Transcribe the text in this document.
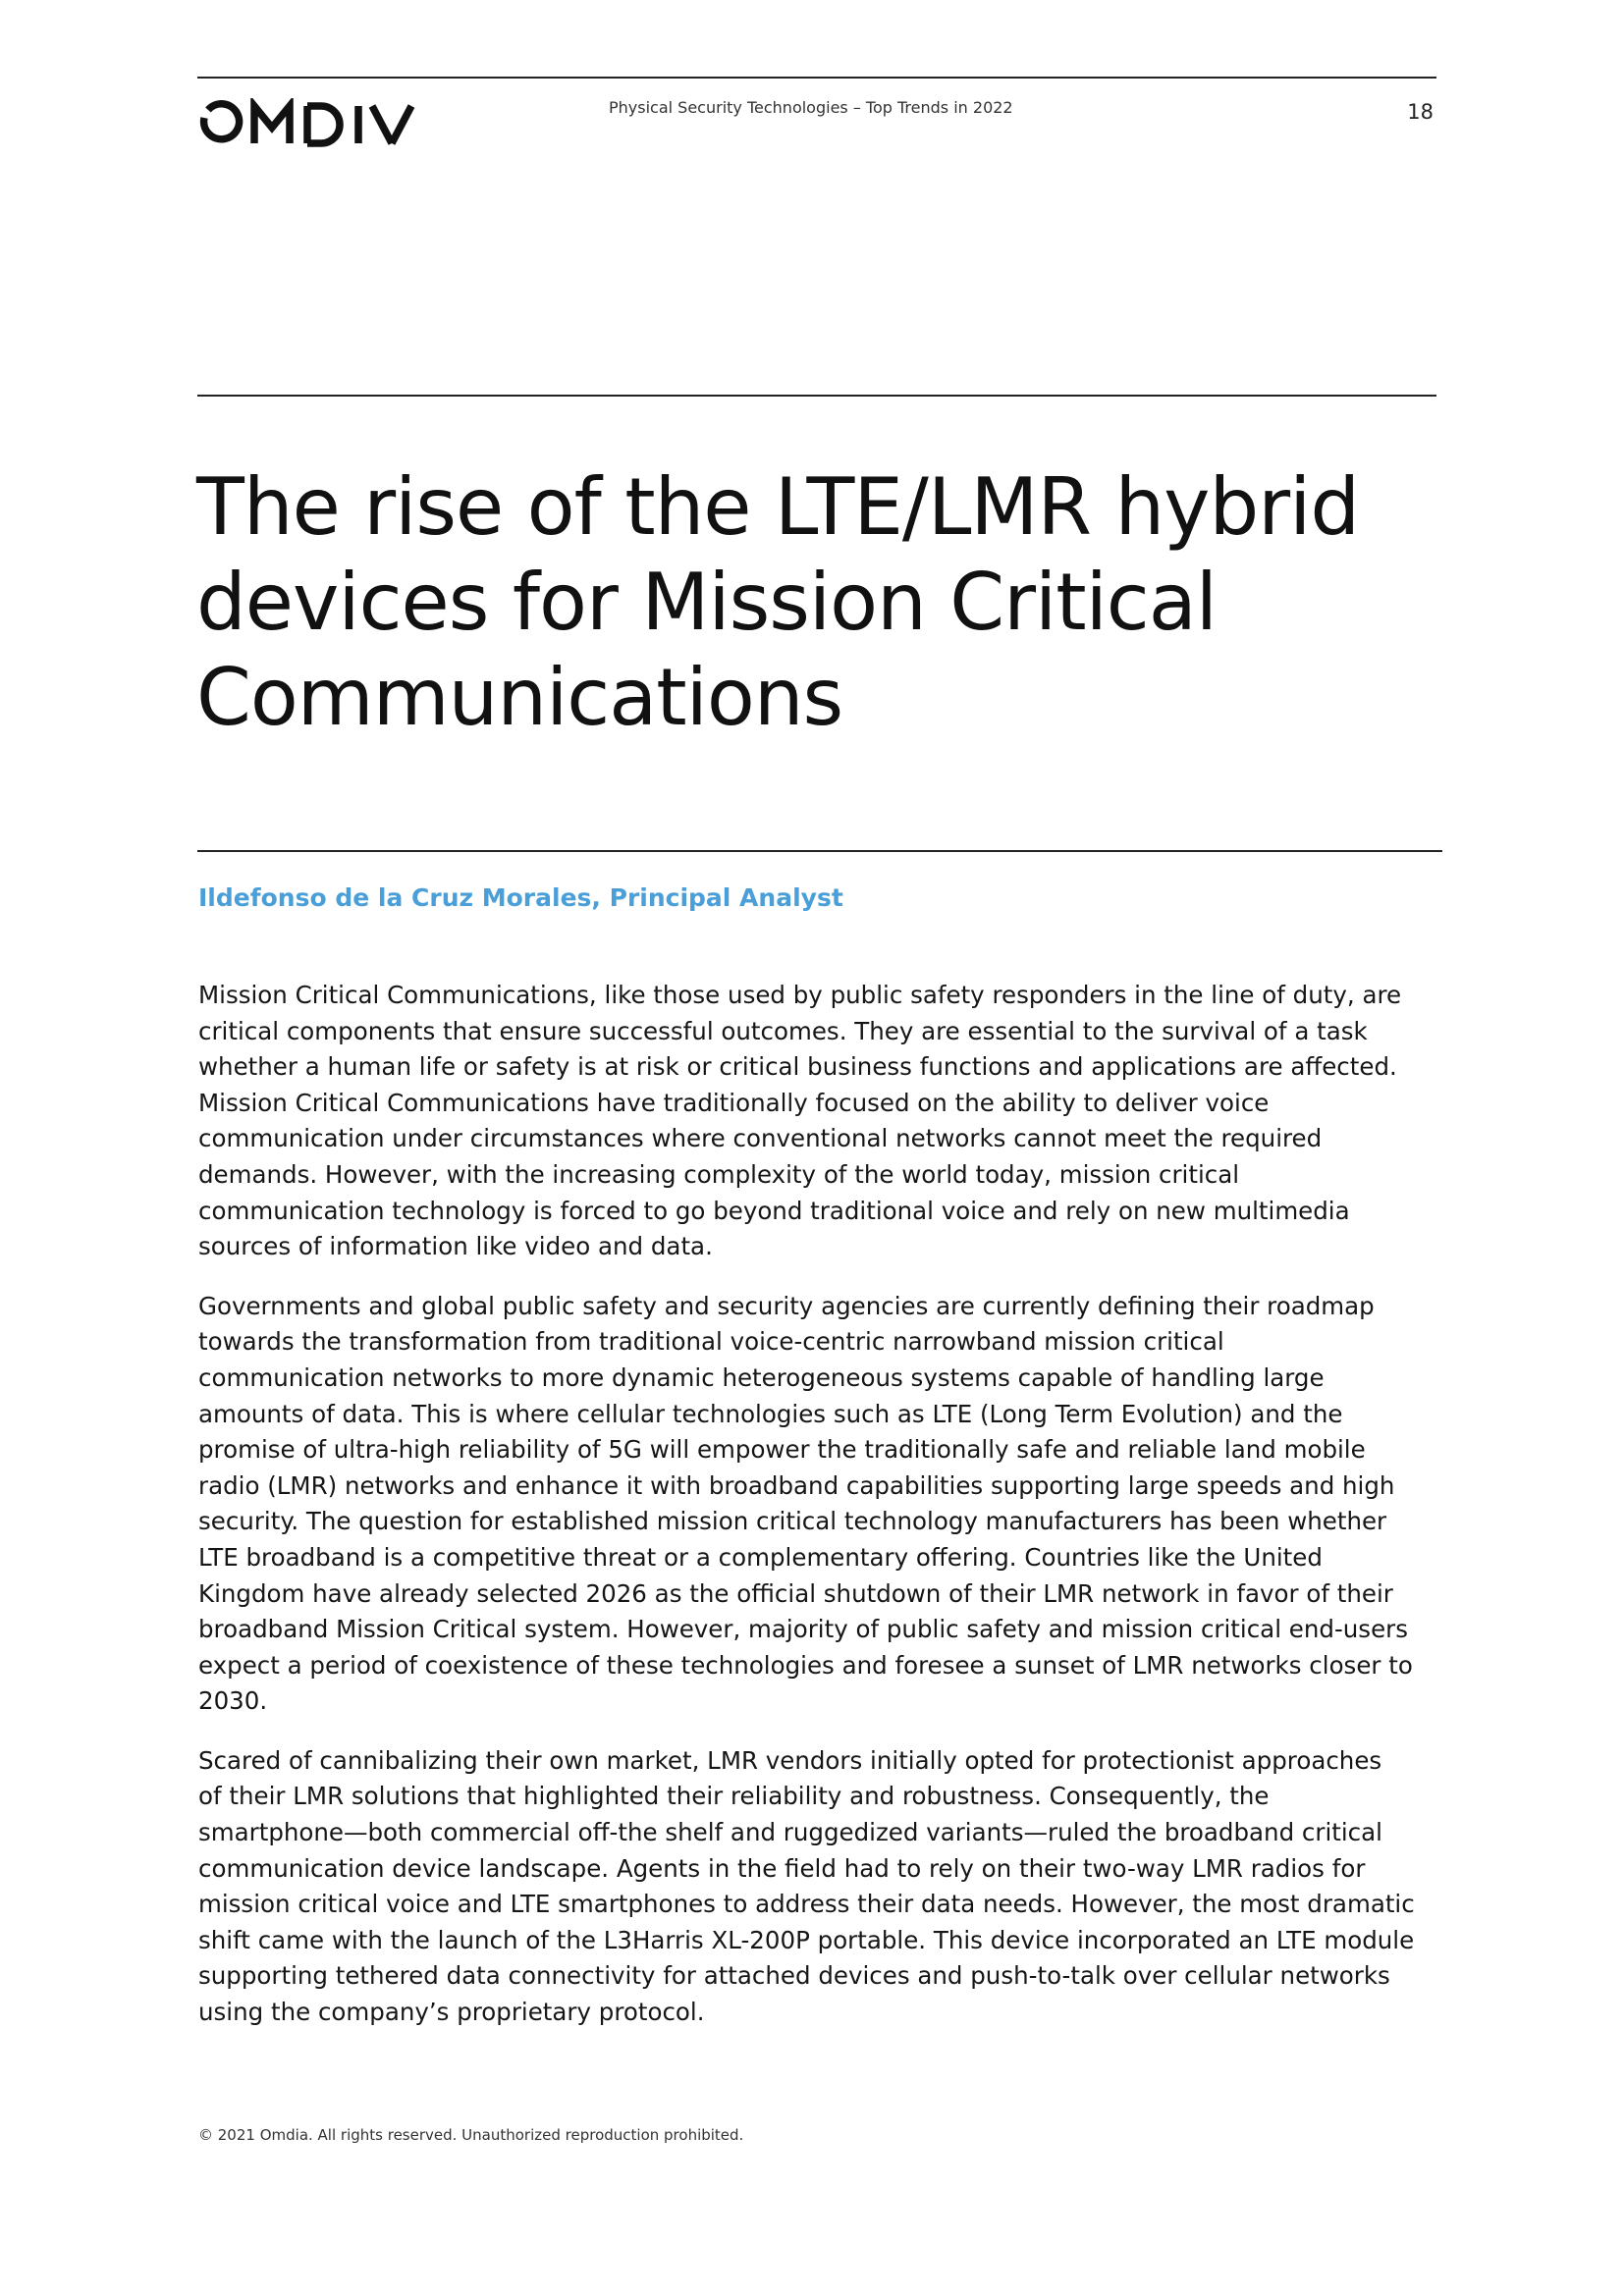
Physical Security Technologies – Top Trends in 2022	18
The rise of the LTE/LMR hybrid
devices for Mission Critical
Communications
Ildefonso de la Cruz Morales, Principal Analyst

Mission Critical Communications, like those used by public safety responders in the line of duty, are
critical components that ensure successful outcomes. They are essential to the survival of a task
whether a human life or safety is at risk or critical business functions and applications are affected.
Mission Critical Communications have traditionally focused on the ability to deliver voice
communication under circumstances where conventional networks cannot meet the required
demands. However, with the increasing complexity of the world today, mission critical
communication technology is forced to go beyond traditional voice and rely on new multimedia
sources of information like video and data.

Governments and global public safety and security agencies are currently defining their roadmap
towards the transformation from traditional voice-centric narrowband mission critical
communication networks to more dynamic heterogeneous systems capable of handling large
amounts of data. This is where cellular technologies such as LTE (Long Term Evolution) and the
promise of ultra-high reliability of 5G will empower the traditionally safe and reliable land mobile
radio (LMR) networks and enhance it with broadband capabilities supporting large speeds and high
security. The question for established mission critical technology manufacturers has been whether
LTE broadband is a competitive threat or a complementary offering. Countries like the United
Kingdom have already selected 2026 as the official shutdown of their LMR network in favor of their
broadband Mission Critical system. However, majority of public safety and mission critical end-users
expect a period of coexistence of these technologies and foresee a sunset of LMR networks closer to
2030.

Scared of cannibalizing their own market, LMR vendors initially opted for protectionist approaches
of their LMR solutions that highlighted their reliability and robustness. Consequently, the
smartphone—both commercial off-the shelf and ruggedized variants—ruled the broadband critical
communication device landscape. Agents in the field had to rely on their two-way LMR radios for
mission critical voice and LTE smartphones to address their data needs. However, the most dramatic
shift came with the launch of the L3Harris XL-200P portable. This device incorporated an LTE module
supporting tethered data connectivity for attached devices and push-to-talk over cellular networks
using the company’s proprietary protocol.

© 2021 Omdia. All rights reserved. Unauthorized reproduction prohibited.
